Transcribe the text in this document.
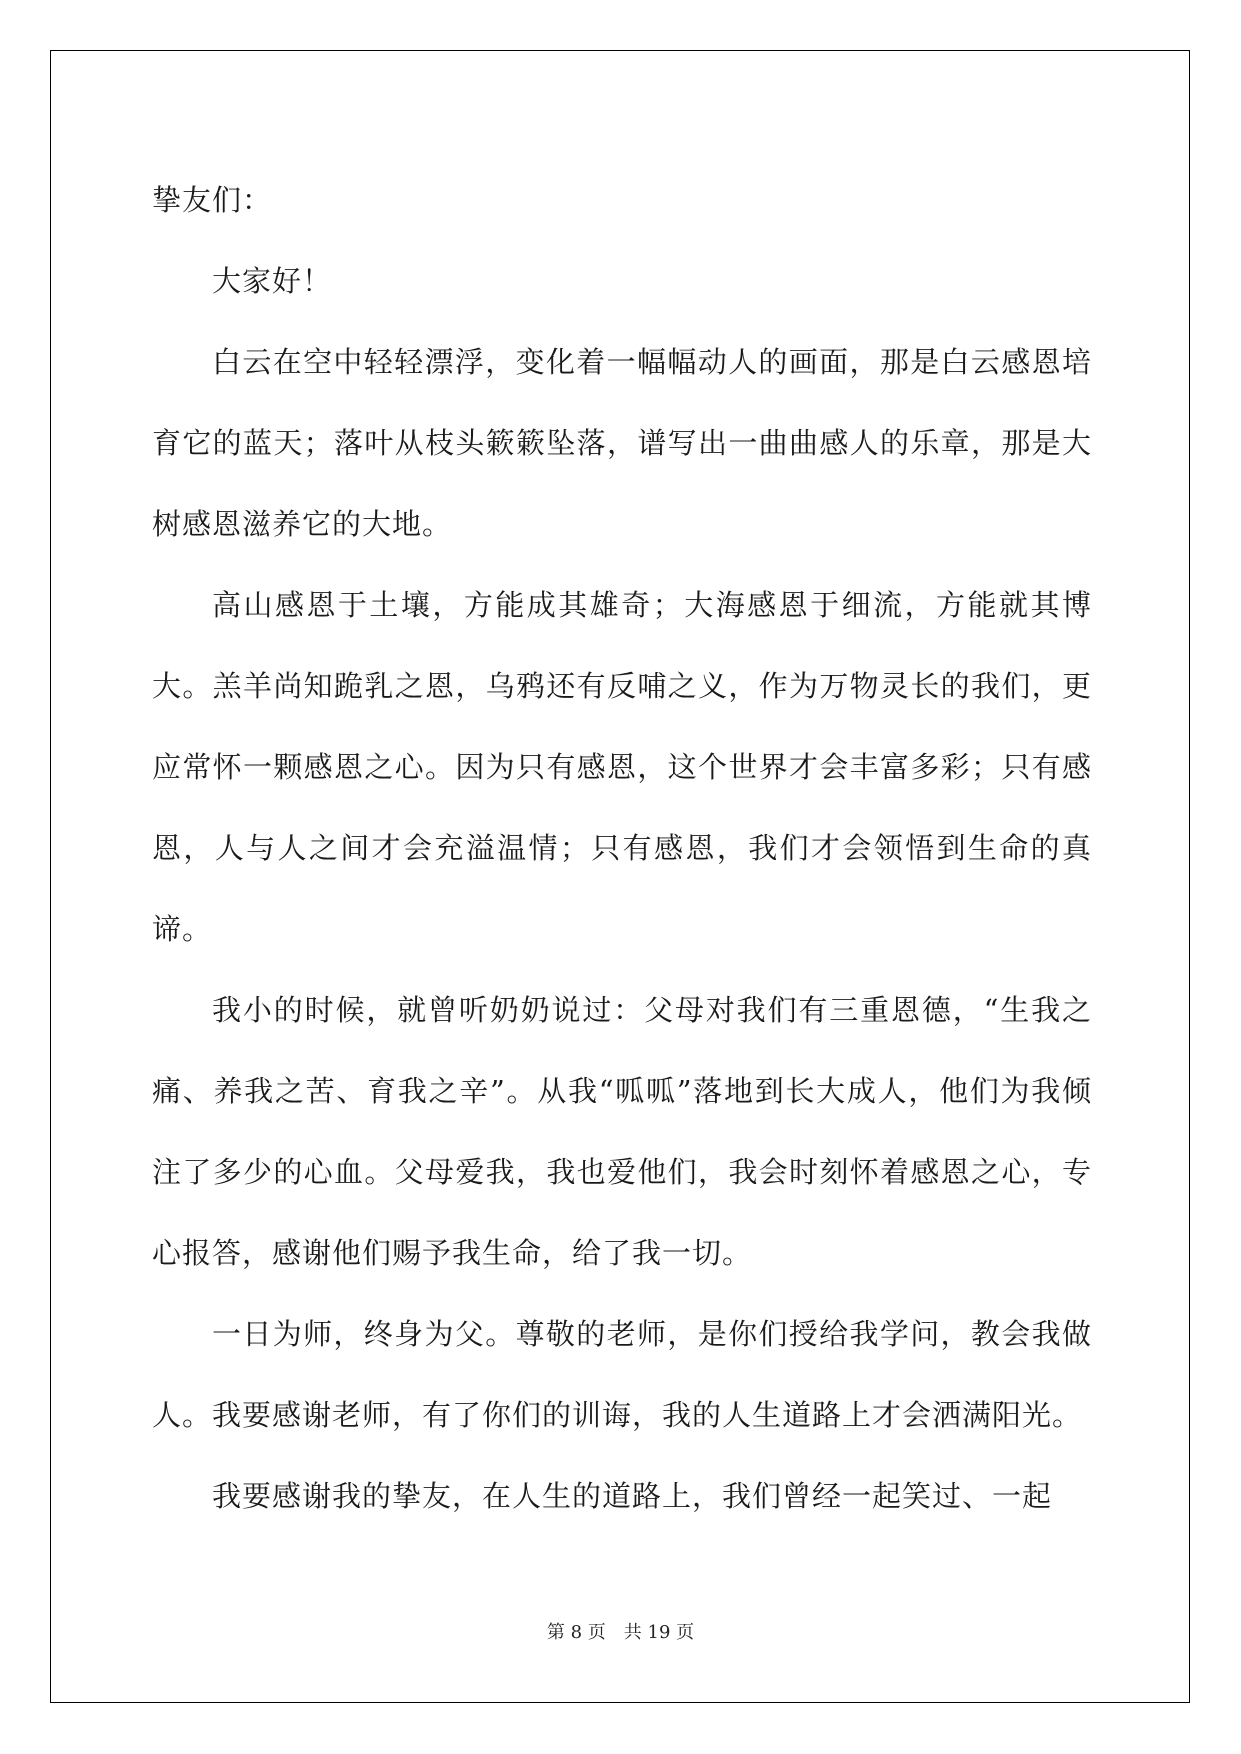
挚友们：

大家好！

白云在空中轻轻漂浮，变化着一幅幅动人的画面，那是白云感恩培育它的蓝天；落叶从枝头簌簌坠落，谱写出一曲曲感人的乐章，那是大树感恩滋养它的大地。

高山感恩于土壤，方能成其雄奇；大海感恩于细流，方能就其博大。羔羊尚知跪乳之恩，乌鸦还有反哺之义，作为万物灵长的我们，更应常怀一颗感恩之心。因为只有感恩，这个世界才会丰富多彩；只有感恩，人与人之间才会充溢温情；只有感恩，我们才会领悟到生命的真谛。

我小的时候，就曾听奶奶说过：父母对我们有三重恩德，“生我之痛、养我之苦、育我之辛”。从我“呱呱”落地到长大成人，他们为我倾注了多少的心血。父母爱我，我也爱他们，我会时刻怀着感恩之心，专心报答，感谢他们赐予我生命，给了我一切。

一日为师，终身为父。尊敬的老师，是你们授给我学问，教会我做人。我要感谢老师，有了你们的训诲，我的人生道路上才会洒满阳光。

我要感谢我的挚友，在人生的道路上，我们曾经一起笑过、一起

第 8 页　共 19 页
